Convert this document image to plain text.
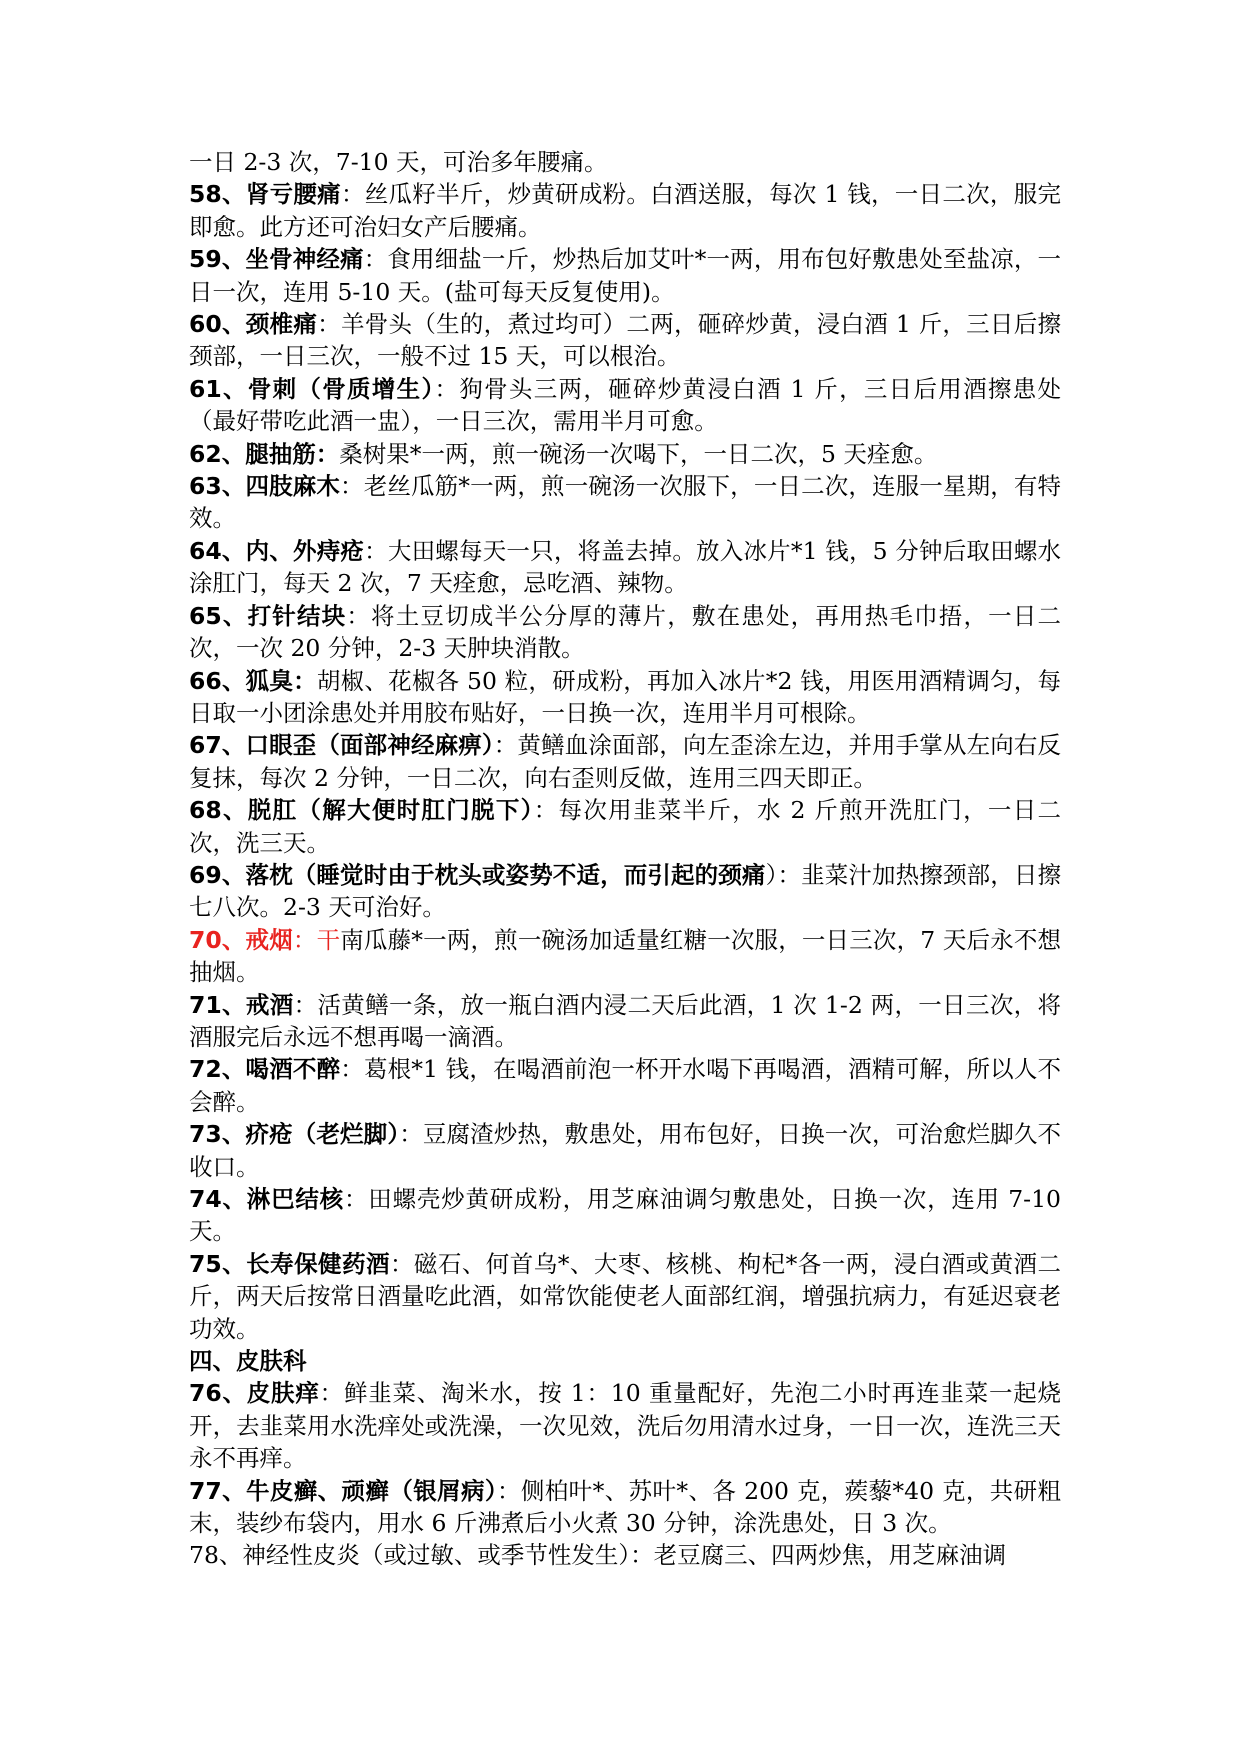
一日 2-3 次，7-10 天，可治多年腰痛。

58、肾亏腰痛：丝瓜籽半斤，炒黄研成粉。白酒送服，每次 1 钱，一日二次，服完即愈。此方还可治妇女产后腰痛。

59、坐骨神经痛：食用细盐一斤，炒热后加艾叶*一两，用布包好敷患处至盐凉，一日一次，连用 5-10 天。(盐可每天反复使用)。

60、颈椎痛：羊骨头（生的，煮过均可）二两，砸碎炒黄，浸白酒 1 斤，三日后擦颈部，一日三次，一般不过 15 天，可以根治。

61、骨刺（骨质增生）：狗骨头三两，砸碎炒黄浸白酒 1 斤，三日后用酒擦患处（最好带吃此酒一盅），一日三次，需用半月可愈。

62、腿抽筋：桑树果*一两，煎一碗汤一次喝下，一日二次，5 天痊愈。

63、四肢麻木：老丝瓜筋*一两，煎一碗汤一次服下，一日二次，连服一星期，有特效。

64、内、外痔疮：大田螺每天一只，将盖去掉。放入冰片*1 钱，5 分钟后取田螺水涂肛门，每天 2 次，7 天痊愈，忌吃酒、辣物。

65、打针结块：将土豆切成半公分厚的薄片，敷在患处，再用热毛巾捂，一日二次，一次 20 分钟，2-3 天肿块消散。

66、狐臭：胡椒、花椒各 50 粒，研成粉，再加入冰片*2 钱，用医用酒精调匀，每日取一小团涂患处并用胶布贴好，一日换一次，连用半月可根除。

67、口眼歪（面部神经麻痹）：黄鳝血涂面部，向左歪涂左边，并用手掌从左向右反复抹，每次 2 分钟，一日二次，向右歪则反做，连用三四天即正。

68、脱肛（解大便时肛门脱下）：每次用韭菜半斤，水 2 斤煎开洗肛门，一日二次，洗三天。

69、落枕（睡觉时由于枕头或姿势不适，而引起的颈痛）：韭菜汁加热擦颈部，日擦七八次。2-3 天可治好。

70、戒烟：干南瓜藤*一两，煎一碗汤加适量红糖一次服，一日三次，7 天后永不想抽烟。

71、戒酒：活黄鳝一条，放一瓶白酒内浸二天后此酒，1 次 1-2 两，一日三次，将酒服完后永远不想再喝一滴酒。

72、喝酒不醉：葛根*1 钱，在喝酒前泡一杯开水喝下再喝酒，酒精可解，所以人不会醉。

73、疥疮（老烂脚）：豆腐渣炒热，敷患处，用布包好，日换一次，可治愈烂脚久不收口。

74、淋巴结核：田螺壳炒黄研成粉，用芝麻油调匀敷患处，日换一次，连用 7-10 天。

75、长寿保健药酒：磁石、何首乌*、大枣、核桃、枸杞*各一两，浸白酒或黄酒二斤，两天后按常日酒量吃此酒，如常饮能使老人面部红润，增强抗病力，有延迟衰老功效。

四、皮肤科

76、皮肤痒：鲜韭菜、淘米水，按 1：10 重量配好，先泡二小时再连韭菜一起烧开，去韭菜用水洗痒处或洗澡，一次见效，洗后勿用清水过身，一日一次，连洗三天永不再痒。

77、牛皮癣、顽癣（银屑病）：侧柏叶*、苏叶*、各 200 克，蒺藜*40 克，共研粗末，装纱布袋内，用水 6 斤沸煮后小火煮 30 分钟，涂洗患处，日 3 次。

78、神经性皮炎（或过敏、或季节性发生）：老豆腐三、四两炒焦，用芝麻油调
